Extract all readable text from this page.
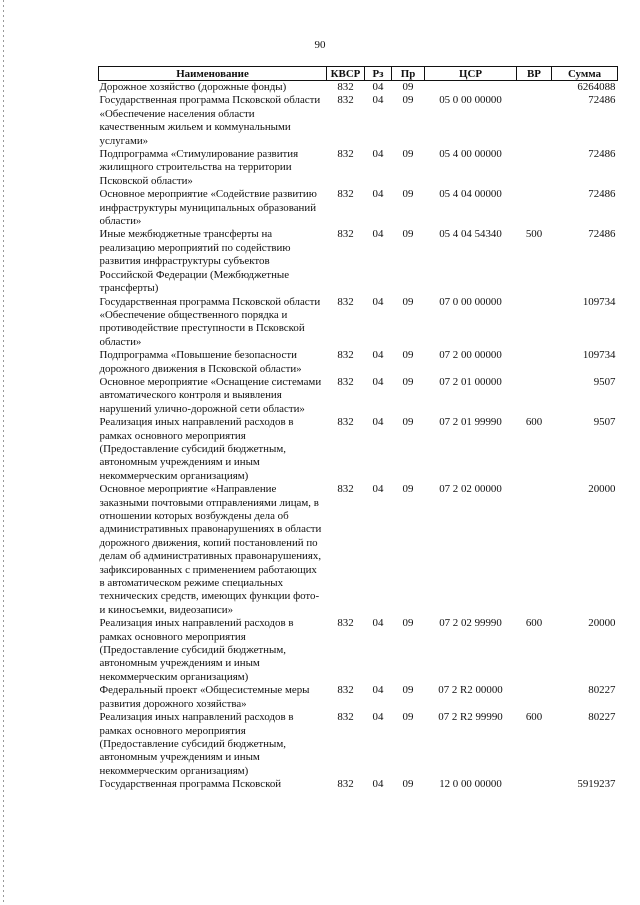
90
Наименование	КВСР	Рз	Пр	ЦСР	ВР	Сумма
Дорожное хозяйство (дорожные фонды)	832	04	09			6264088
Государственная программа Псковской области «Обеспечение населения области качественным жильем и коммунальными услугами»	832	04	09	05 0 00 00000		72486
Подпрограмма «Стимулирование развития жилищного строительства на территории Псковской области»	832	04	09	05 4 00 00000		72486
Основное мероприятие «Содействие развитию инфраструктуры муниципальных образований области»	832	04	09	05 4 04 00000		72486
Иные межбюджетные трансферты на реализацию мероприятий по содействию развития инфраструктуры субъектов Российской Федерации (Межбюджетные трансферты)	832	04	09	05 4 04 54340	500	72486
Государственная программа Псковской области «Обеспечение общественного порядка и противодействие преступности в Псковской области»	832	04	09	07 0 00 00000		109734
Подпрограмма «Повышение безопасности дорожного движения в Псковской области»	832	04	09	07 2 00 00000		109734
Основное мероприятие «Оснащение системами автоматического контроля и выявления нарушений улично-дорожной сети области»	832	04	09	07 2 01 00000		9507
Реализация иных направлений расходов в рамках основного мероприятия (Предоставление субсидий бюджетным, автономным учреждениям и иным некоммерческим организациям)	832	04	09	07 2 01 99990	600	9507
Основное мероприятие «Направление заказными почтовыми отправлениями лицам, в отношении которых возбуждены дела об административных правонарушениях в области дорожного движения, копий постановлений по делам об административных правонарушениях, зафиксированных с применением работающих в автоматическом режиме специальных технических средств, имеющих функции фото- и киносъемки, видеозаписи»	832	04	09	07 2 02 00000		20000
Реализация иных направлений расходов в рамках основного мероприятия (Предоставление субсидий бюджетным, автономным учреждениям и иным некоммерческим организациям)	832	04	09	07 2 02 99990	600	20000
Федеральный проект «Общесистемные меры развития дорожного хозяйства»	832	04	09	07 2 R2 00000		80227
Реализация иных направлений расходов в рамках основного мероприятия (Предоставление субсидий бюджетным, автономным учреждениям и иным некоммерческим организациям)	832	04	09	07 2 R2 99990	600	80227
Государственная программа Псковской	832	04	09	12 0 00 00000		5919237
